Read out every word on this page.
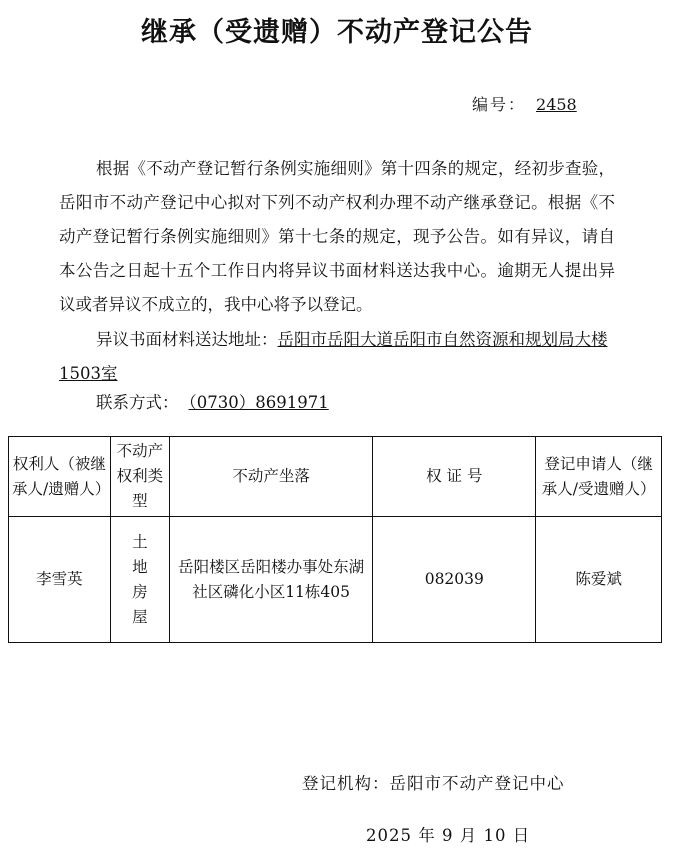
继承（受遗赠）不动产登记公告
编号： 2458
根据《不动产登记暂行条例实施细则》第十四条的规定，经初步查验，岳阳市不动产登记中心拟对下列不动产权利办理不动产继承登记。根据《不动产登记暂行条例实施细则》第十七条的规定，现予公告。如有异议，请自本公告之日起十五个工作日内将异议书面材料送达我中心。逾期无人提出异议或者异议不成立的，我中心将予以登记。
异议书面材料送达地址：岳阳市岳阳大道岳阳市自然资源和规划局大楼1503室
联系方式： （0730）8691971
权利人（被继承人/遗赠人）	不动产权利类型	不动产坐落	权 证 号	登记申请人（继承人/受遗赠人）
李雪英	土地房屋	岳阳楼区岳阳楼办事处东湖社区磷化小区11栋405	082039	陈爱斌
登记机构：岳阳市不动产登记中心
2025 年 9 月 10 日
